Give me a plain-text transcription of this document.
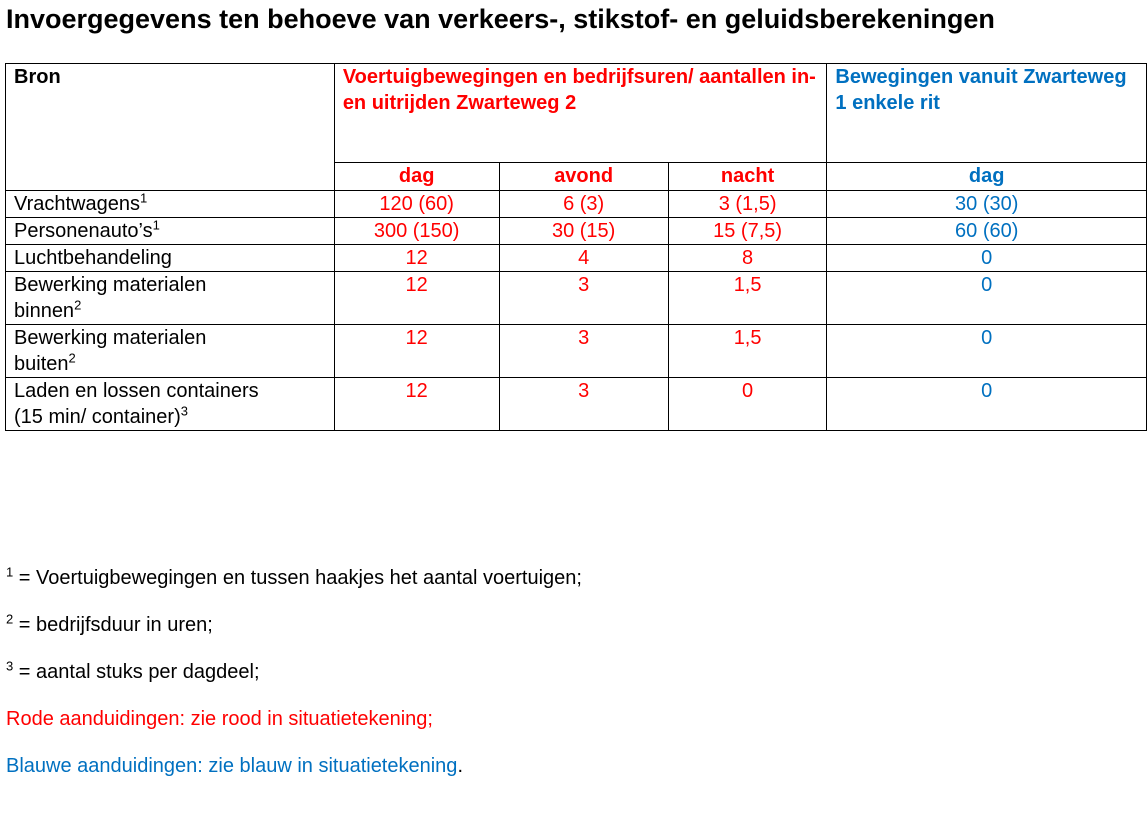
Invoergegevens ten behoeve van verkeers-, stikstof- en geluidsberekeningen
Bron	Voertuigbewegingen en bedrijfsuren/ aantallen in- en uitrijden Zwarteweg 2			Bewegingen vanuit Zwarteweg 1 enkele rit
	dag	avond	nacht	dag
Vrachtwagens$^1$	120 (60)	6 (3)	3 (1,5)	30 (30)
$Personenauto’s^1$	300 (150)	30 (15)	15 (7,5)	60 (60)
Luchtbehandeling	12	4	8	0
Bewerking materialen
binnen$^2$	12	3	1,5	0
Bewerking materialen
buiten$^2$	12	3	1,5	0
Laden en lossen containers
(15 min/ container)$^3$	12	3	0	0

$^1$ = Voertuigbewegingen en tussen haakjes het aantal voertuigen;

$^2$ = bedrijfsduur in uren;

$^3$ = aantal stuks per dagdeel;

Rode aanduidingen: zie rood in situatietekening;

Blauwe aanduidingen: zie blauw in situatietekening.
